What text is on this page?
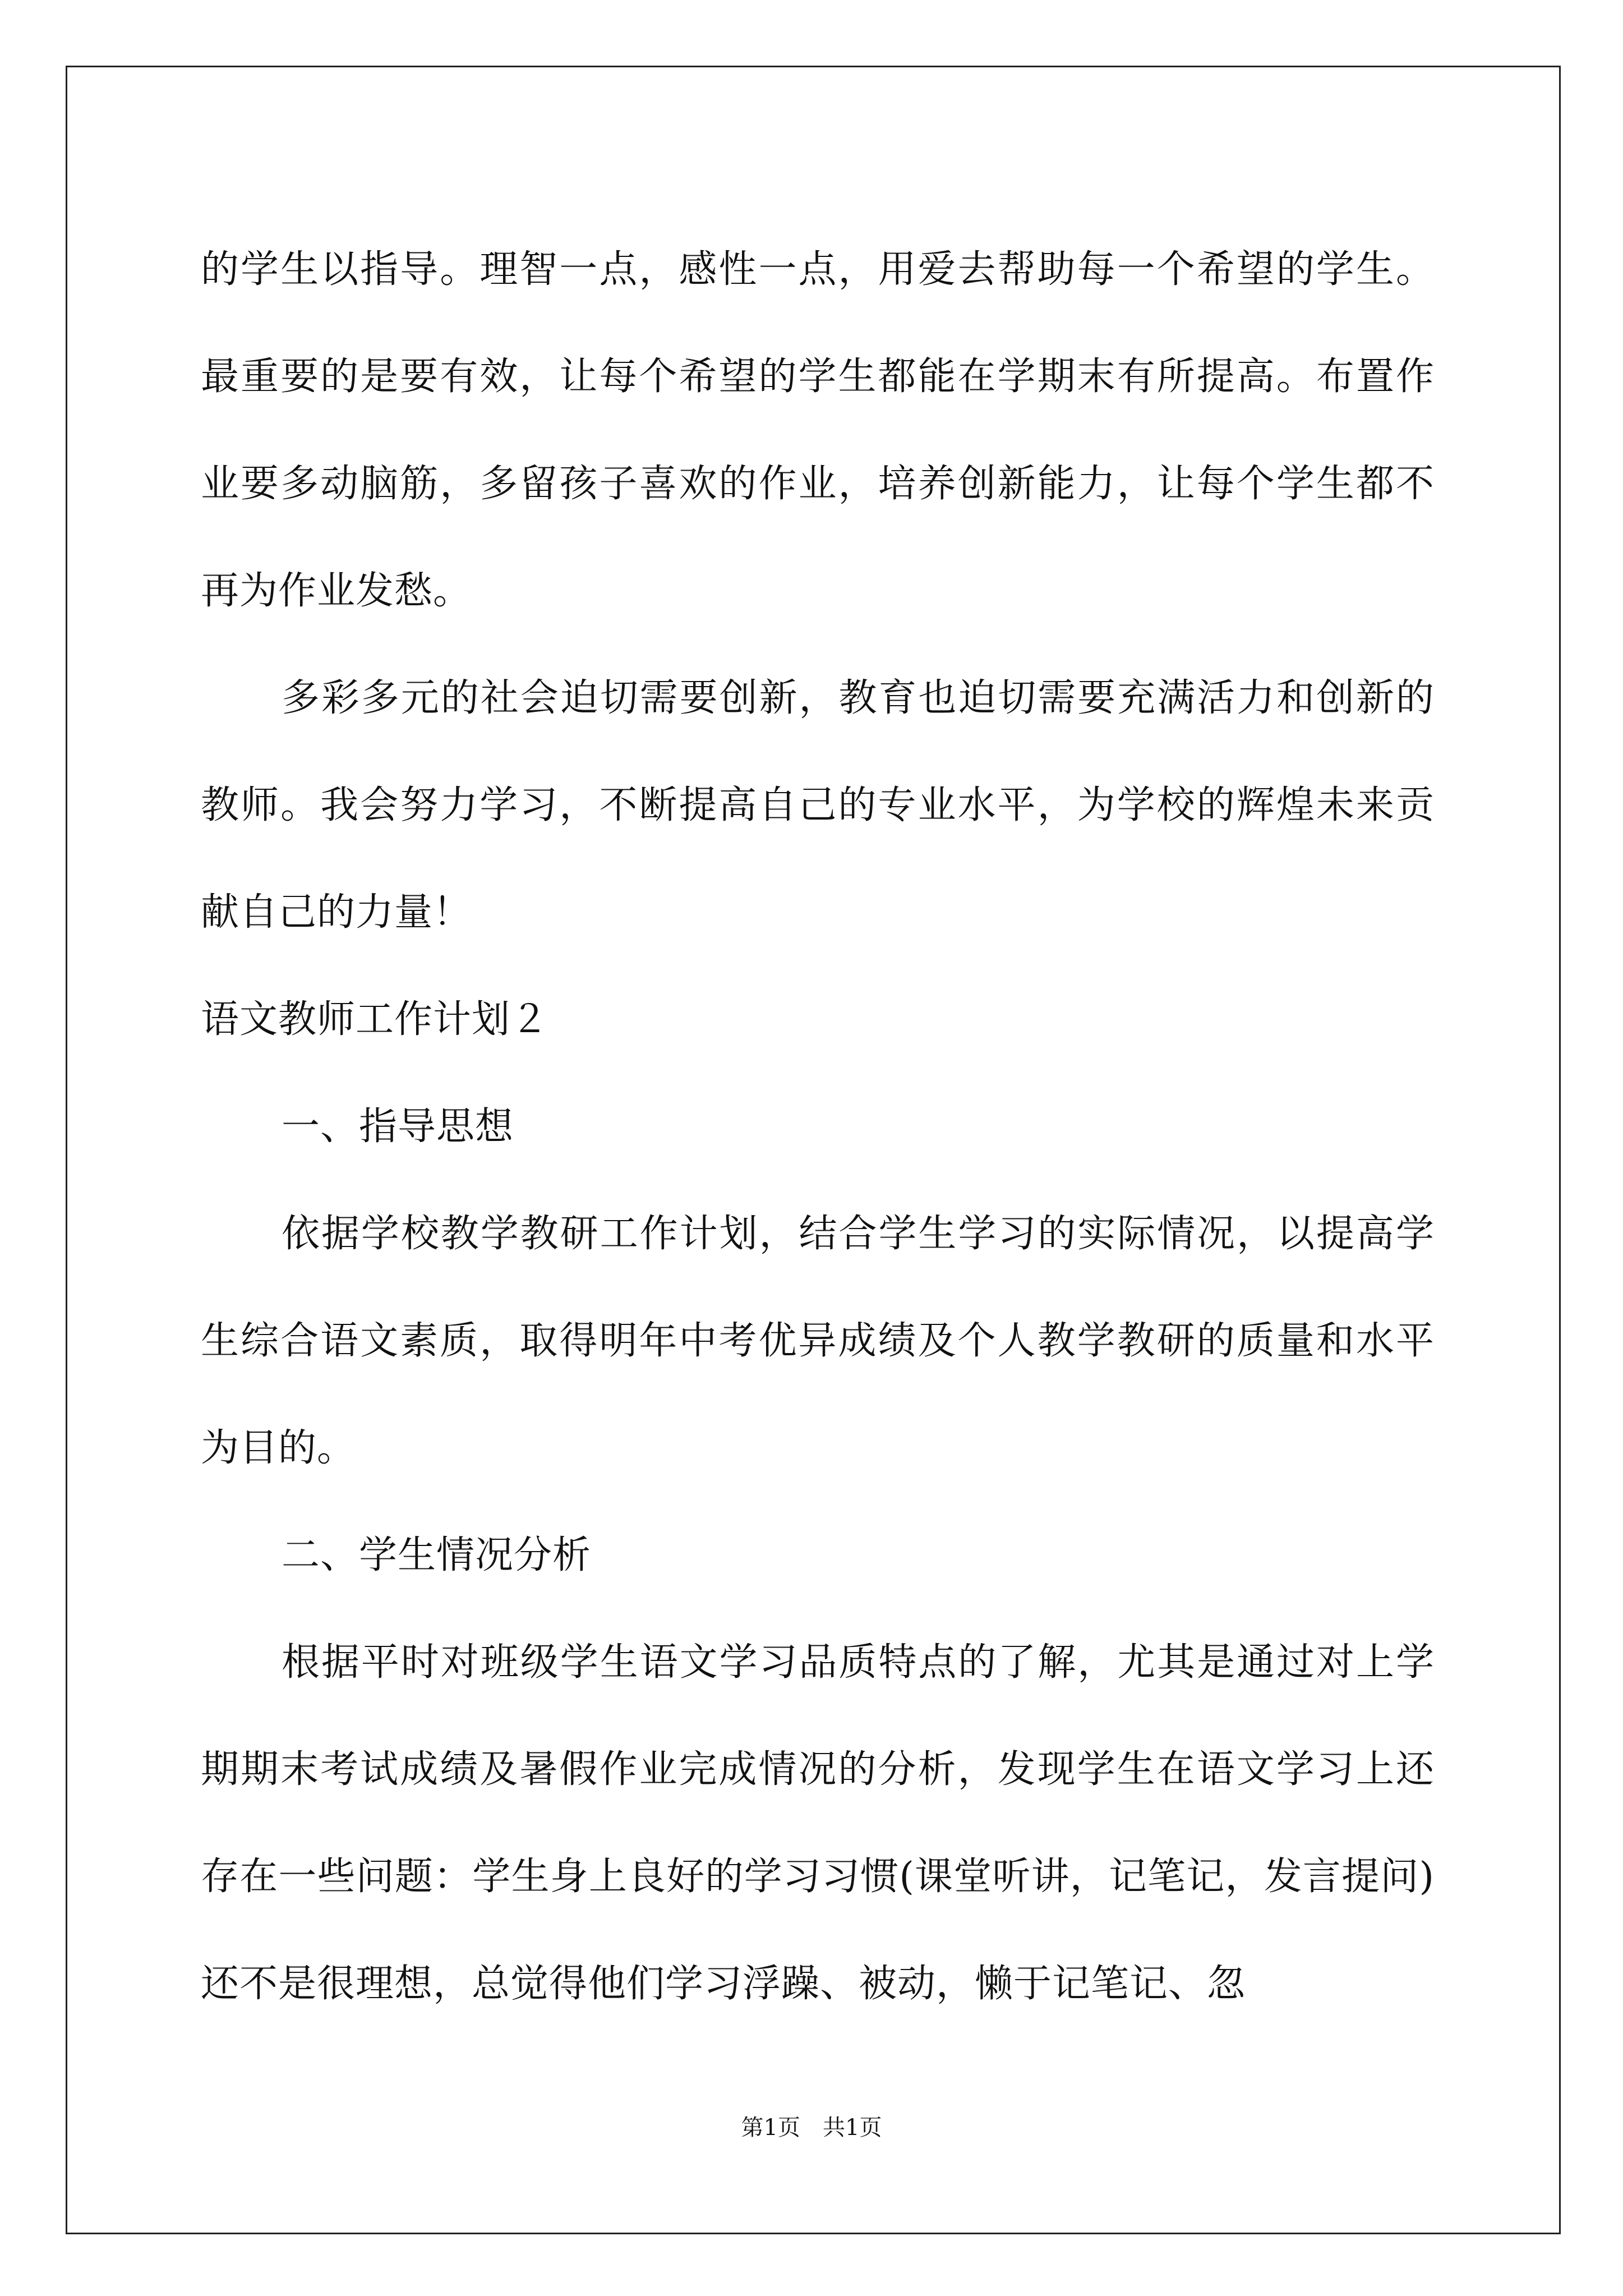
的学生以指导。理智一点，感性一点，用爱去帮助每一个希望的学生。最重要的是要有效，让每个希望的学生都能在学期末有所提高。布置作业要多动脑筋，多留孩子喜欢的作业，培养创新能力，让每个学生都不再为作业发愁。

多彩多元的社会迫切需要创新，教育也迫切需要充满活力和创新的教师。我会努力学习，不断提高自己的专业水平，为学校的辉煌未来贡献自己的力量！

语文教师工作计划２

一、指导思想

依据学校教学教研工作计划，结合学生学习的实际情况，以提高学生综合语文素质，取得明年中考优异成绩及个人教学教研的质量和水平为目的。

二、学生情况分析

根据平时对班级学生语文学习品质特点的了解，尤其是通过对上学期期末考试成绩及暑假作业完成情况的分析，发现学生在语文学习上还存在一些问题：学生身上良好的学习习惯(课堂听讲，记笔记，发言提问)还不是很理想，总觉得他们学习浮躁、被动，懒于记笔记、忽

第1页　共1页
